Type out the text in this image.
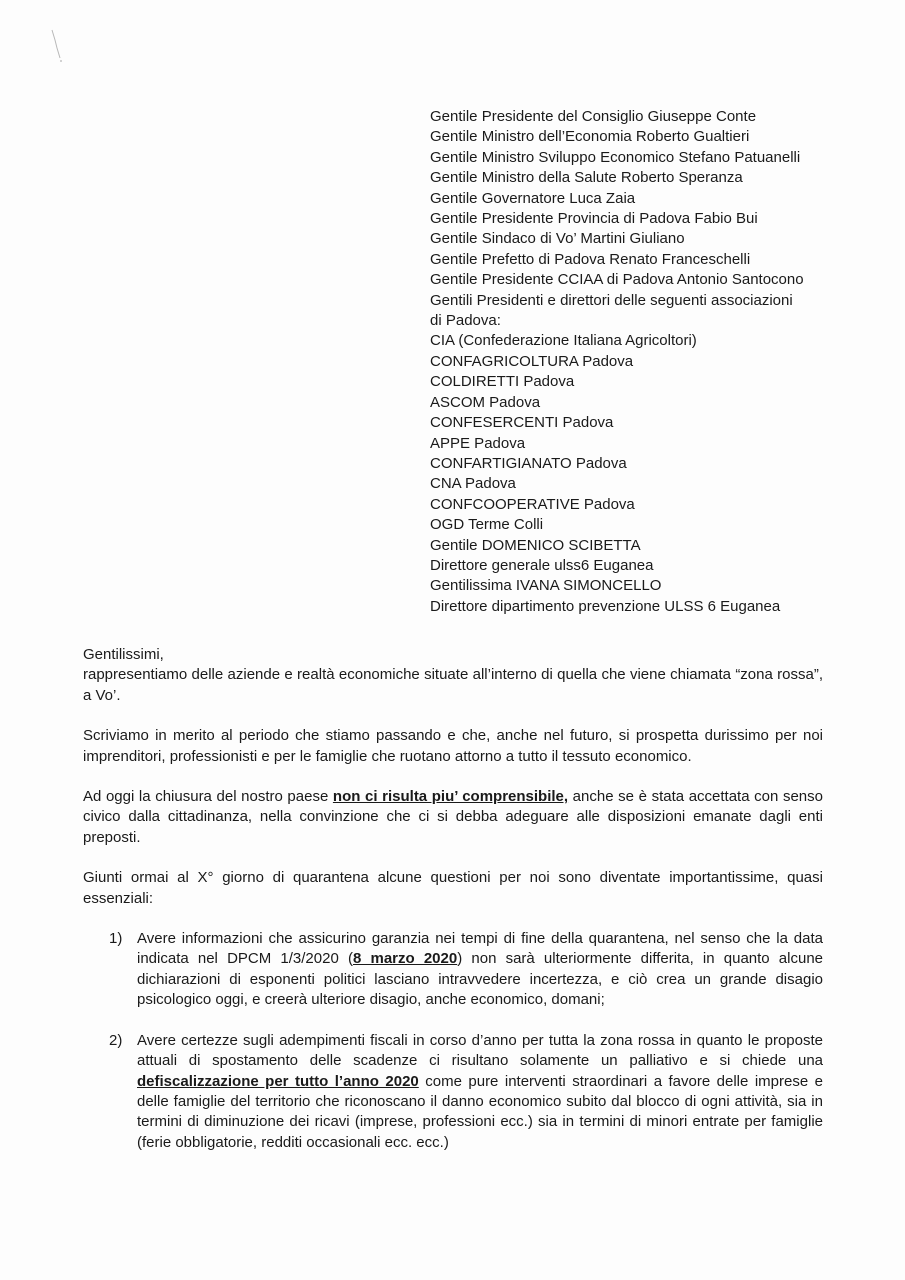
Gentile Presidente del Consiglio Giuseppe Conte
Gentile Ministro dell’Economia Roberto Gualtieri
Gentile Ministro Sviluppo Economico Stefano Patuanelli
Gentile Ministro della Salute Roberto Speranza
Gentile Governatore Luca Zaia
Gentile Presidente Provincia di Padova Fabio Bui
Gentile Sindaco di Vo’ Martini Giuliano
Gentile Prefetto di Padova Renato Franceschelli
Gentile Presidente CCIAA di Padova Antonio Santocono
Gentili Presidenti e direttori delle seguenti associazioni
di Padova:
CIA (Confederazione Italiana Agricoltori)
CONFAGRICOLTURA Padova
COLDIRETTI Padova
ASCOM Padova
CONFESERCENTI Padova
APPE Padova
CONFARTIGIANATO Padova
CNA Padova
CONFCOOPERATIVE Padova
OGD Terme Colli
Gentile DOMENICO SCIBETTA
Direttore generale ulss6 Euganea
Gentilissima IVANA SIMONCELLO
Direttore dipartimento prevenzione ULSS 6 Euganea

Gentilissimi,

rappresentiamo delle aziende e realtà economiche situate all’interno di quella che viene chiamata “zona rossa”, a Vo’.

Scriviamo in merito al periodo che stiamo passando e che, anche nel futuro, si prospetta durissimo per noi imprenditori, professionisti e per le famiglie che ruotano attorno a tutto il tessuto economico.

Ad oggi la chiusura del nostro paese non ci risulta piu’ comprensibile, anche se è stata accettata con senso civico dalla cittadinanza, nella convinzione che ci si debba adeguare alle disposizioni emanate dagli enti preposti.

Giunti ormai al X° giorno di quarantena alcune questioni per noi sono diventate importantissime, quasi essenziali:

1) Avere informazioni che assicurino garanzia nei tempi di fine della quarantena, nel senso che la data indicata nel DPCM 1/3/2020 (8 marzo 2020) non sarà ulteriormente differita, in quanto alcune dichiarazioni di esponenti politici lasciano intravvedere incertezza, e ciò crea un grande disagio psicologico oggi, e creerà ulteriore disagio, anche economico, domani;
2) Avere certezze sugli adempimenti fiscali in corso d’anno per tutta la zona rossa in quanto le proposte attuali di spostamento delle scadenze ci risultano solamente un palliativo e si chiede una defiscalizzazione per tutto l’anno 2020 come pure interventi straordinari a favore delle imprese e delle famiglie del territorio che riconoscano il danno economico subito dal blocco di ogni attività, sia in termini di diminuzione dei ricavi (imprese, professioni ecc.) sia in termini di minori entrate per famiglie (ferie obbligatorie, redditi occasionali ecc. ecc.)
